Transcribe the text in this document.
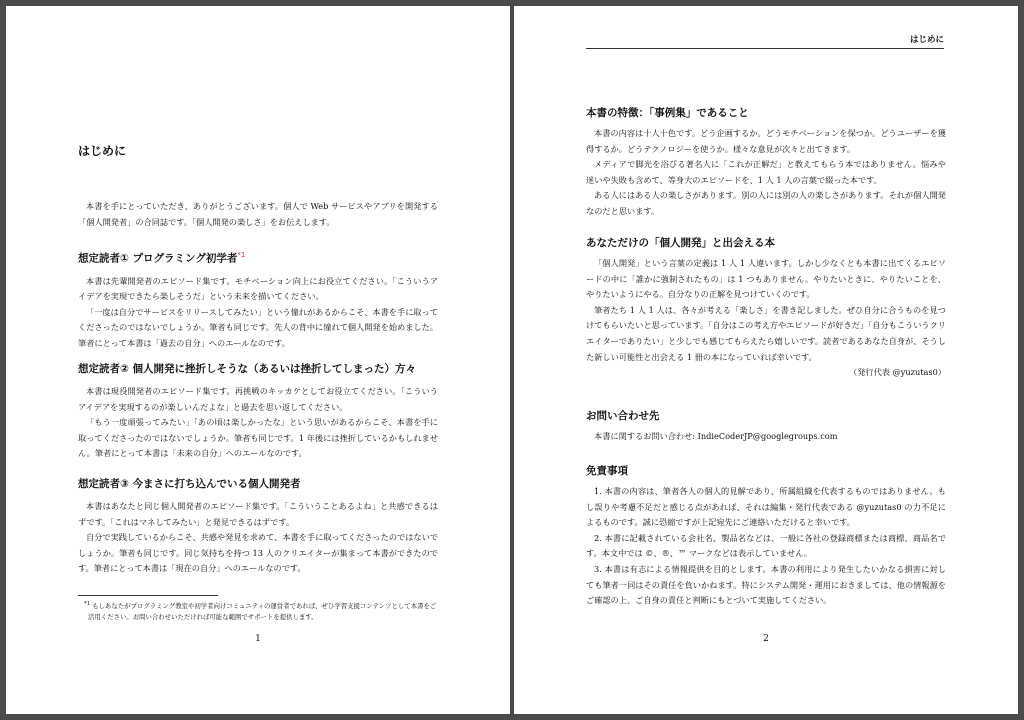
はじめに

本書を手にとっていただき、ありがとうございます。個人で Web サービスやアプリを開発する「個人開発者」の合同誌です。「個人開発の楽しさ」をお伝えします。

想定読者① プログラミング初学者$^{*1}$

本書は先輩開発者のエピソード集です。モチベーション向上にお役立てください。「こういうアイデアを実現できたら楽しそうだ」という未来を描いてください。

「一度は自分でサービスをリリースしてみたい」という憧れがあるからこそ、本書を手に取ってくださったのではないでしょうか。筆者も同じです。先人の背中に憧れて個人開発を始めました。筆者にとって本書は「過去の自分」へのエールなのです。

想定読者② 個人開発に挫折しそうな（あるいは挫折してしまった）方々

本書は現役開発者のエピソード集です。再挑戦のキッカケとしてお役立てください。「こういうアイデアを実現するのが楽しいんだよな」と過去を思い返してください。

「もう一度頑張ってみたい」「あの頃は楽しかったな」という思いがあるからこそ、本書を手に取ってくださったのではないでしょうか。筆者も同じです。1 年後には挫折しているかもしれません。筆者にとって本書は「未来の自分」へのエールなのです。

想定読者③ 今まさに打ち込んでいる個人開発者

本書はあなたと同じ個人開発者のエピソード集です。「こういうことあるよね」と共感できるはずです。「これはマネしてみたい」と発見できるはずです。

自分で実践しているからこそ、共感や発見を求めて、本書を手に取ってくださったのではないでしょうか。筆者も同じです。同じ気持ちを持つ 13 人のクリエイターが集まって本書ができたのです。筆者にとって本書は「現在の自分」へのエールなのです。

*1 もしあなたがプログラミング教室や初学者向けコミュニティの運営者であれば、ぜひ学習支援コンテンツとして本書をご活用ください。お問い合わせいただければ可能な範囲でサポートを提供します。
1
はじめに
本書の特徴：「事例集」であること

本書の内容は十人十色です。どう企画するか。どうモチベーションを保つか。どうユーザーを獲得するか。どうテクノロジーを使うか。様々な意見が次々と出てきます。

メディアで脚光を浴びる著名人に「これが正解だ」と教えてもらう本ではありません。悩みや迷いや失敗も含めて、等身大のエピソードを、1 人 1 人の言葉で綴った本です。

ある人にはある人の楽しさがあります。別の人には別の人の楽しさがあります。それが個人開発なのだと思います。

あなただけの「個人開発」と出会える本

「個人開発」という言葉の定義は 1 人 1 人違います。しかし少なくとも本書に出てくるエピソードの中に「誰かに強制されたもの」は 1 つもありません。やりたいときに、やりたいことを、やりたいようにやる。自分なりの正解を見つけていくのです。

筆者たち 1 人 1 人は、各々が考える「楽しさ」を書き記しました。ぜひ自分に合うものを見つけてもらいたいと思っています。「自分はこの考え方やエピソードが好きだ」「自分もこういうクリエイターでありたい」と少しでも感じてもらえたら嬉しいです。読者であるあなた自身が、そうした新しい可能性と出会える 1 冊の本になっていれば幸いです。

（発行代表 @yuzutas0）
お問い合わせ先

本書に関するお問い合わせ: IndieCoderJP@googlegroups.com

免責事項
1. 本書の内容は、筆者各人の個人的見解であり、所属組織を代表するものではありません。もし誤りや考慮不足だと感じる点があれば、それは編集・発行代表である @yuzutas0 の力不足によるものです。誠に恐縮ですが上記宛先にご連絡いただけると幸いです。
2. 本書に記載されている会社名、製品名などは、一般に各社の登録商標または商標、商品名です。本文中では ©、®、™ マークなどは表示していません。
3. 本書は有志による情報提供を目的とします。本書の利用により発生したいかなる損害に対しても筆者一同はその責任を負いかねます。特にシステム開発・運用におきましては、他の情報源をご確認の上、ご自身の責任と判断にもとづいて実施してください。
2
